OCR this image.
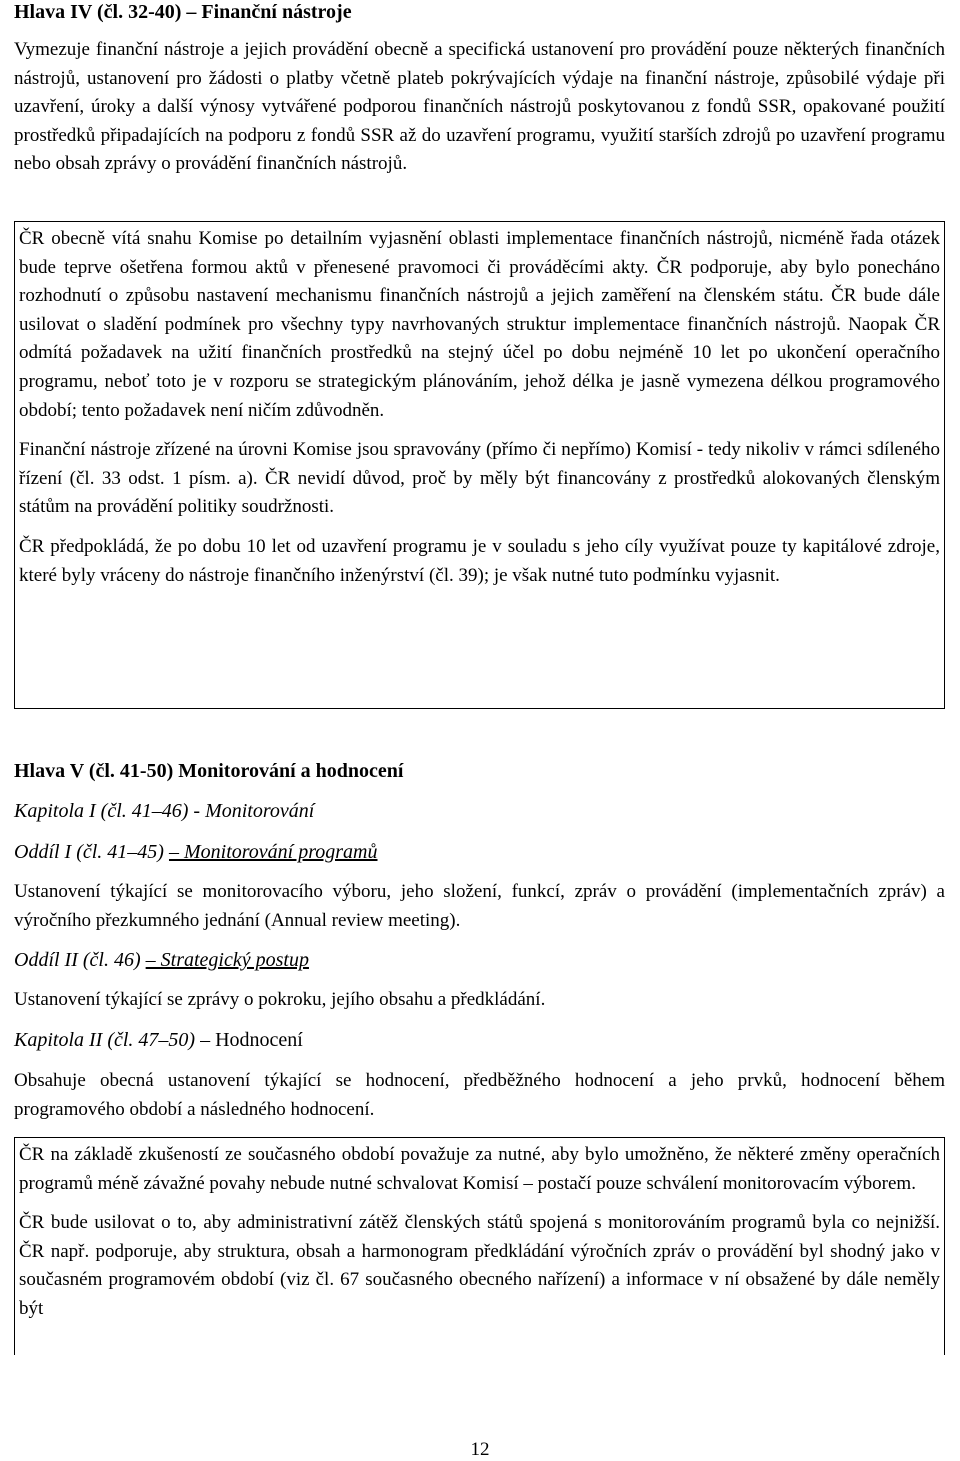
Hlava IV (čl. 32-40) – Finanční nástroje

Vymezuje finanční nástroje a jejich provádění obecně a specifická ustanovení pro provádění pouze některých finančních nástrojů, ustanovení pro žádosti o platby včetně plateb pokrývajících výdaje na finanční nástroje, způsobilé výdaje při uzavření, úroky a další výnosy vytvářené podporou finančních nástrojů poskytovanou z fondů SSR, opakované použití prostředků připadajících na podporu z fondů SSR až do uzavření programu, využití starších zdrojů po uzavření programu nebo obsah zprávy o provádění finančních nástrojů.

ČR obecně vítá snahu Komise po detailním vyjasnění oblasti implementace finančních nástrojů, nicméně řada otázek bude teprve ošetřena formou aktů v přenesené pravomoci či prováděcími akty. ČR podporuje, aby bylo ponecháno rozhodnutí o způsobu nastavení mechanismu finančních nástrojů a jejich zaměření na členském státu. ČR bude dále usilovat o sladění podmínek pro všechny typy navrhovaných struktur implementace finančních nástrojů. Naopak ČR odmítá požadavek na užití finančních prostředků na stejný účel po dobu nejméně 10 let po ukončení operačního programu, neboť toto je v rozporu se strategickým plánováním, jehož délka je jasně vymezena délkou programového období; tento požadavek není ničím zdůvodněn.

Finanční nástroje zřízené na úrovni Komise jsou spravovány (přímo či nepřímo) Komisí - tedy nikoliv v rámci sdíleného řízení (čl. 33 odst. 1 písm. a). ČR nevidí důvod, proč by měly být financovány z prostředků alokovaných členským státům na provádění politiky soudržnosti.

ČR předpokládá, že po dobu 10 let od uzavření programu je v souladu s jeho cíly využívat pouze ty kapitálové zdroje, které byly vráceny do nástroje finančního inženýrství (čl. 39); je však nutné tuto podmínku vyjasnit.

Hlava V (čl. 41-50) Monitorování a hodnocení
Kapitola I (čl. 41–46) - Monitorování
Oddíl I (čl. 41–45) – Monitorování programů

Ustanovení týkající se monitorovacího výboru, jeho složení, funkcí, zpráv o provádění (implementačních zpráv) a výročního přezkumného jednání (Annual review meeting).

Oddíl II (čl. 46) – Strategický postup

Ustanovení týkající se zprávy o pokroku, jejího obsahu a předkládání.

Kapitola II (čl. 47–50) – Hodnocení

Obsahuje obecná ustanovení týkající se hodnocení, předběžného hodnocení a jeho prvků, hodnocení během programového období a následného hodnocení.

ČR na základě zkušeností ze současného období považuje za nutné, aby bylo umožněno, že některé změny operačních programů méně závažné povahy nebude nutné schvalovat Komisí – postačí pouze schválení monitorovacím výborem.

ČR bude usilovat o to, aby administrativní zátěž členských států spojená s monitorováním programů byla co nejnižší. ČR např. podporuje, aby struktura, obsah a harmonogram předkládání výročních zpráv o provádění byl shodný jako v současném programovém období (viz čl. 67 současného obecného nařízení) a informace v ní obsažené by dále neměly být

12
